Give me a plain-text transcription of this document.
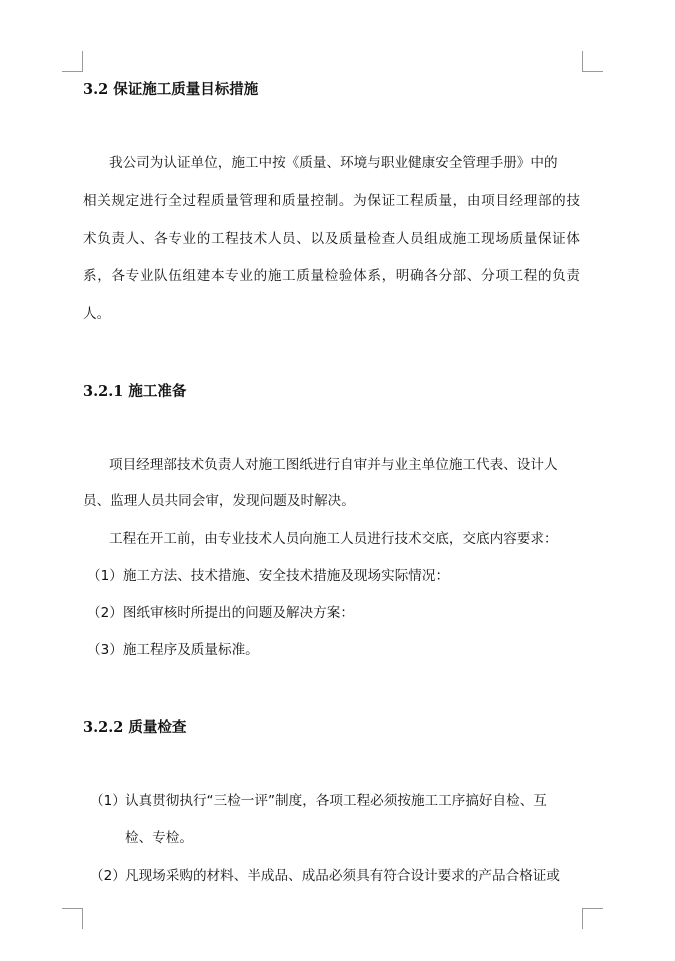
3.2 保证施工质量目标措施
我公司为认证单位，施工中按《质量、环境与职业健康安全管理手册》中的
相关规定进行全过程质量管理和质量控制。为保证工程质量，由项目经理部的技
术负责人、各专业的工程技术人员、以及质量检查人员组成施工现场质量保证体
系，各专业队伍组建本专业的施工质量检验体系，明确各分部、分项工程的负责
人。
3.2.1 施工准备
项目经理部技术负责人对施工图纸进行自审并与业主单位施工代表、设计人
员、监理人员共同会审，发现问题及时解决。
工程在开工前，由专业技术人员向施工人员进行技术交底，交底内容要求：
（1）施工方法、技术措施、安全技术措施及现场实际情况：
（2）图纸审核时所提出的问题及解决方案：
（3）施工程序及质量标准。
3.2.2 质量检查
（1） 认真贯彻执行“三检一评”制度，各项工程必须按施工工序搞好自检、互
检、专检。
（2） 凡现场采购的材料、半成品、成品必须具有符合设计要求的产品合格证或
